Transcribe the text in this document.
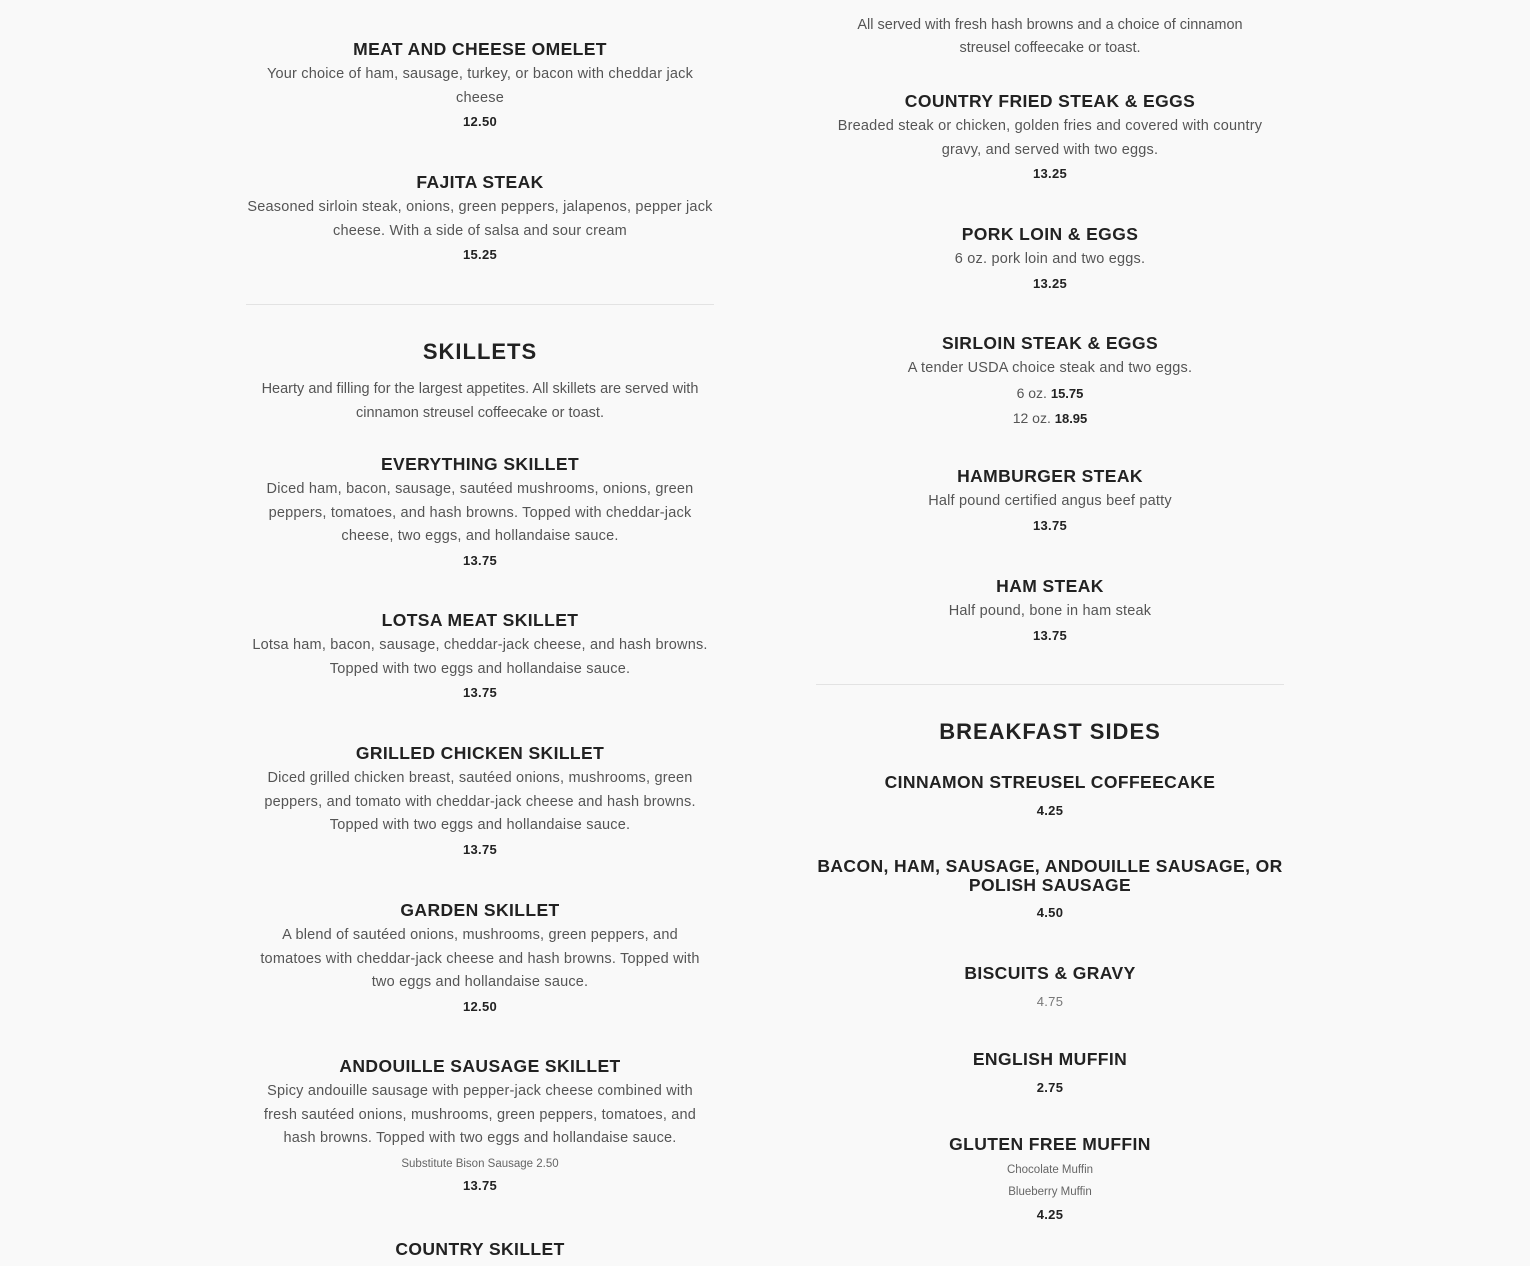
MEAT AND CHEESE OMELET

Your choice of ham, sausage, turkey, or bacon with cheddar jack cheese

12.50

FAJITA STEAK

Seasoned sirloin steak, onions, green peppers, jalapenos, pepper jack cheese. With a side of salsa and sour cream

15.25

SKILLETS

Hearty and filling for the largest appetites. All skillets are served with cinnamon streusel coffeecake or toast.

EVERYTHING SKILLET

Diced ham, bacon, sausage, sautéed mushrooms, onions, green peppers, tomatoes, and hash browns. Topped with cheddar-jack cheese, two eggs, and hollandaise sauce.

13.75

LOTSA MEAT SKILLET

Lotsa ham, bacon, sausage, cheddar-jack cheese, and hash browns. Topped with two eggs and hollandaise sauce.

13.75

GRILLED CHICKEN SKILLET

Diced grilled chicken breast, sautéed onions, mushrooms, green peppers, and tomato with cheddar-jack cheese and hash browns. Topped with two eggs and hollandaise sauce.

13.75

GARDEN SKILLET

A blend of sautéed onions, mushrooms, green peppers, and tomatoes with cheddar-jack cheese and hash browns. Topped with two eggs and hollandaise sauce.

12.50

ANDOUILLE SAUSAGE SKILLET

Spicy andouille sausage with pepper-jack cheese combined with fresh sautéed onions, mushrooms, green peppers, tomatoes, and hash browns. Topped with two eggs and hollandaise sauce.

Substitute Bison Sausage 2.50

13.75

COUNTRY SKILLET

All served with fresh hash browns and a choice of cinnamon streusel coffeecake or toast.

COUNTRY FRIED STEAK & EGGS

Breaded steak or chicken, golden fries and covered with country gravy, and served with two eggs.

13.25

PORK LOIN & EGGS

6 oz. pork loin and two eggs.

13.25

SIRLOIN STEAK & EGGS

A tender USDA choice steak and two eggs.

6 oz. 15.75
12 oz. 18.95
HAMBURGER STEAK

Half pound certified angus beef patty

13.75

HAM STEAK

Half pound, bone in ham steak

13.75

BREAKFAST SIDES
CINNAMON STREUSEL COFFEECAKE

4.25

BACON, HAM, SAUSAGE, ANDOUILLE SAUSAGE, OR POLISH SAUSAGE

4.50

BISCUITS & GRAVY

4.75

ENGLISH MUFFIN

2.75

GLUTEN FREE MUFFIN

Chocolate Muffin

Blueberry Muffin

4.25
